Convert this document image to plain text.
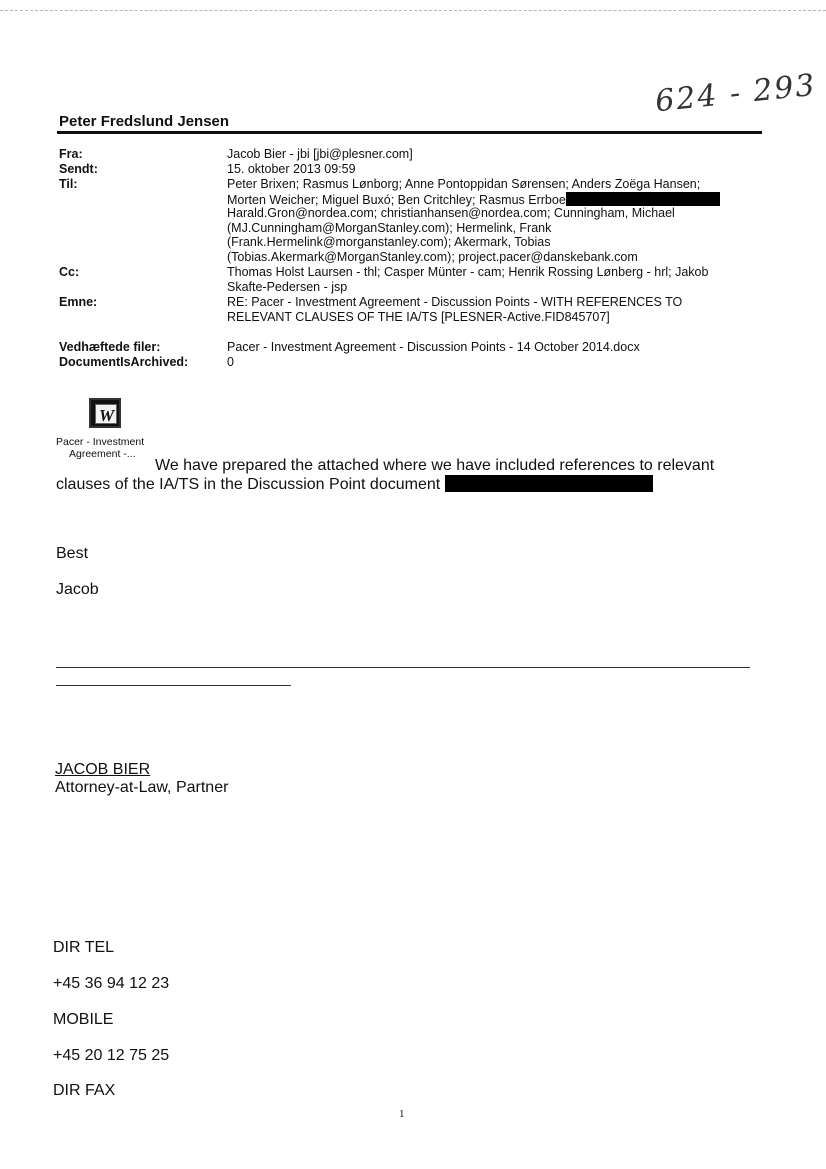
624 - 293
Peter Fredslund Jensen
Fra:
Sendt:
Til:
Cc:
Emne:
Vedhæftede filer:
DocumentIsArchived:
Jacob Bier - jbi [jbi@plesner.com]
15. oktober 2013 09:59
Peter Brixen; Rasmus Lønborg; Anne Pontoppidan Sørensen; Anders Zoëga Hansen;
Morten Weicher; Miguel Buxó; Ben Critchley; Rasmus Errboe
Harald.Gron@nordea.com; christianhansen@nordea.com; Cunningham, Michael
(MJ.Cunningham@MorganStanley.com); Hermelink, Frank
(Frank.Hermelink@morganstanley.com); Akermark, Tobias
(Tobias.Akermark@MorganStanley.com); project.pacer@danskebank.com
Thomas Holst Laursen - thl; Casper Münter - cam; Henrik Rossing Lønberg - hrl; Jakob
Skafte-Pedersen - jsp
RE: Pacer - Investment Agreement - Discussion Points - WITH REFERENCES TO
RELEVANT CLAUSES OF THE IA/TS [PLESNER-Active.FID845707]
Pacer - Investment Agreement - Discussion Points - 14 October 2014.docx
0
W
Pacer - Investment
Agreement -...
We have prepared the attached where we have included references to relevant
clauses of the IA/TS in the Discussion Point document
Best
Jacob
JACOB BIER
Attorney-at-Law, Partner
DIR TEL
+45 36 94 12 23
MOBILE
+45 20 12 75 25
DIR FAX
1
